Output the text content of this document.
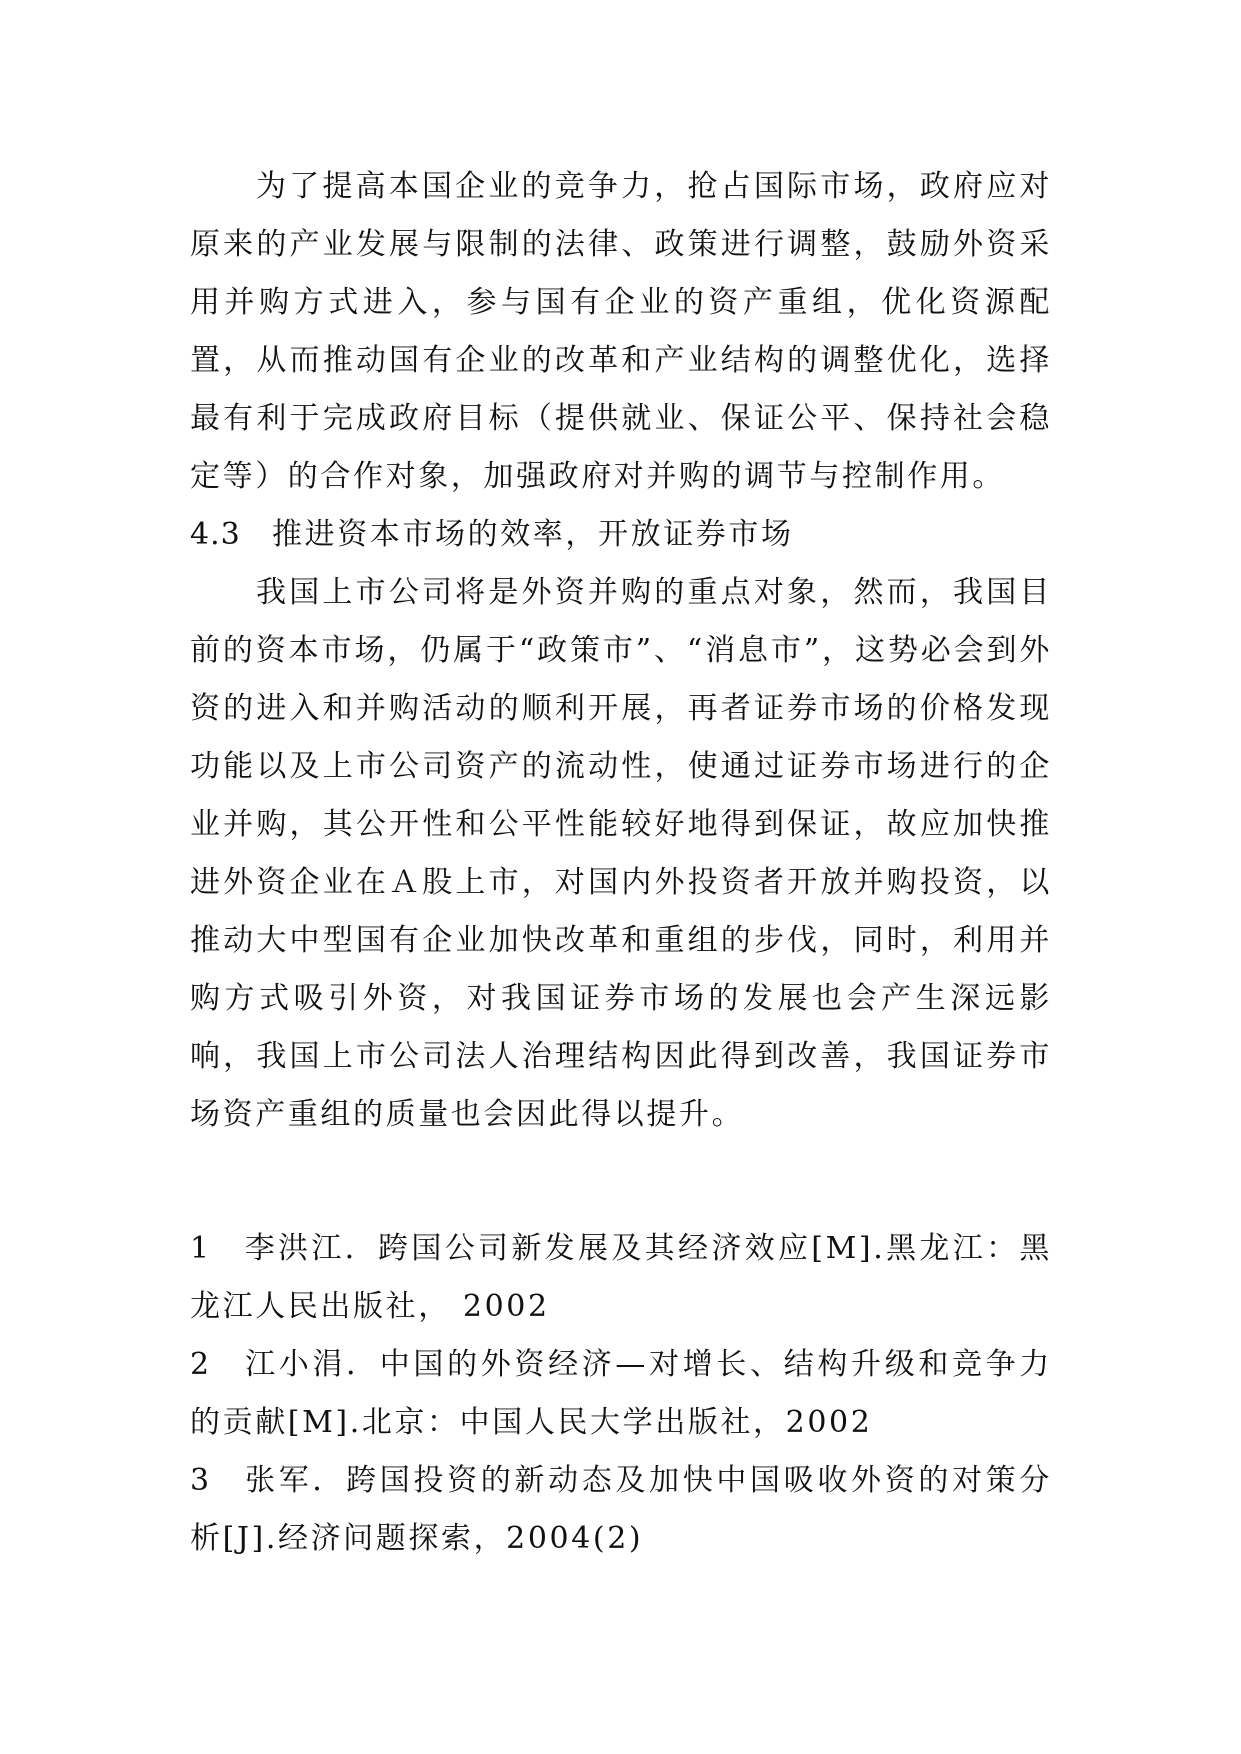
为了提高本国企业的竞争力，抢占国际市场，政府应对原来的产业发展与限制的法律、政策进行调整，鼓励外资采用并购方式进入，参与国有企业的资产重组，优化资源配置，从而推动国有企业的改革和产业结构的调整优化，选择最有利于完成政府目标（提供就业、保证公平、保持社会稳定等）的合作对象，加强政府对并购的调节与控制作用。

4.3 推进资本市场的效率，开放证券市场

我国上市公司将是外资并购的重点对象，然而，我国目前的资本市场，仍属于“政策市”、“消息市”，这势必会到外资的进入和并购活动的顺利开展，再者证券市场的价格发现功能以及上市公司资产的流动性，使通过证券市场进行的企业并购，其公开性和公平性能较好地得到保证，故应加快推进外资企业在Ａ股上市，对国内外投资者开放并购投资，以推动大中型国有企业加快改革和重组的步伐，同时，利用并购方式吸引外资，对我国证券市场的发展也会产生深远影响，我国上市公司法人治理结构因此得到改善，我国证券市场资产重组的质量也会因此得以提升。

1 李洪江．跨国公司新发展及其经济效应[M].黑龙江：黑龙江人民出版社， 2002

2 江小涓．中国的外资经济—对增长、结构升级和竞争力的贡献[M].北京：中国人民大学出版社，2002

3 张军．跨国投资的新动态及加快中国吸收外资的对策分析[J].经济问题探索，2004(2)
